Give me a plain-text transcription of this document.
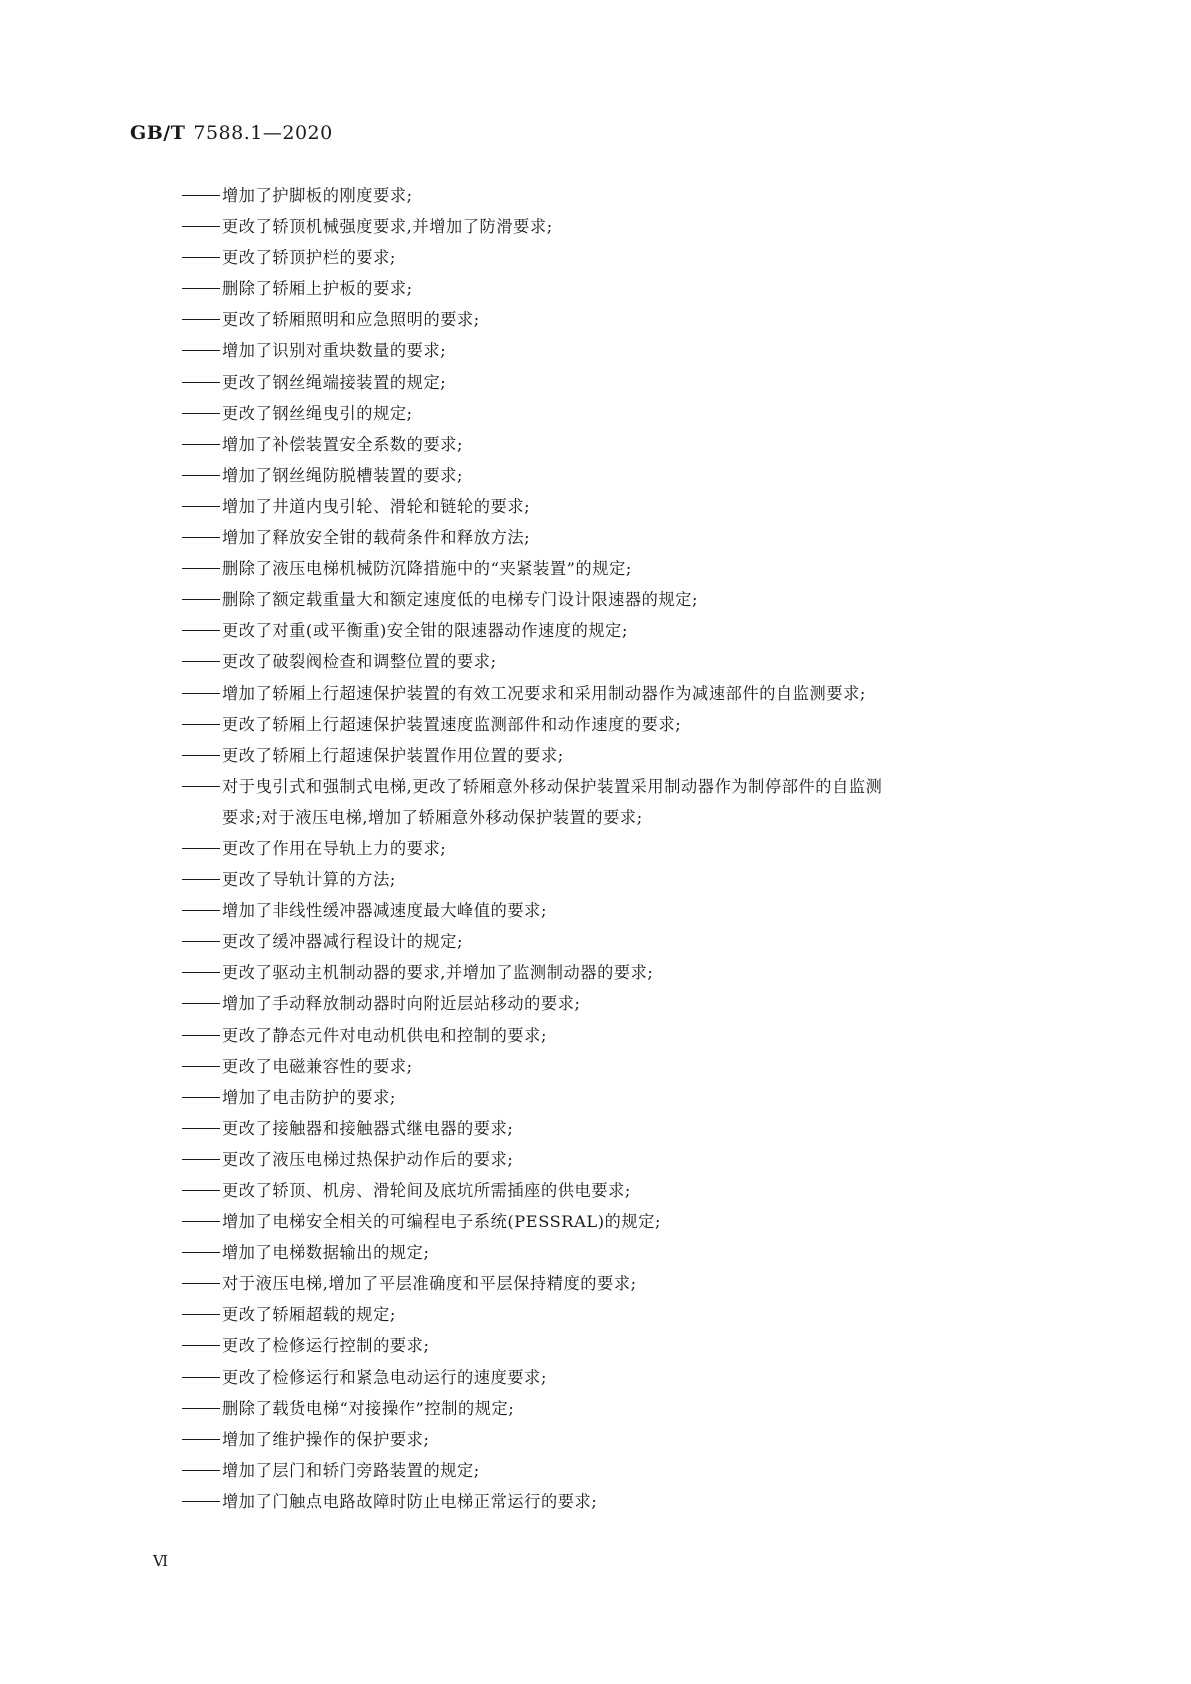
GB/T 7588.1—2020
增加了护脚板的刚度要求;
更改了轿顶机械强度要求,并增加了防滑要求;
更改了轿顶护栏的要求;
删除了轿厢上护板的要求;
更改了轿厢照明和应急照明的要求;
增加了识别对重块数量的要求;
更改了钢丝绳端接装置的规定;
更改了钢丝绳曳引的规定;
增加了补偿装置安全系数的要求;
增加了钢丝绳防脱槽装置的要求;
增加了井道内曳引轮、滑轮和链轮的要求;
增加了释放安全钳的载荷条件和释放方法;
删除了液压电梯机械防沉降措施中的“夹紧装置”的规定;
删除了额定载重量大和额定速度低的电梯专门设计限速器的规定;
更改了对重(或平衡重)安全钳的限速器动作速度的规定;
更改了破裂阀检查和调整位置的要求;
增加了轿厢上行超速保护装置的有效工况要求和采用制动器作为减速部件的自监测要求;
更改了轿厢上行超速保护装置速度监测部件和动作速度的要求;
更改了轿厢上行超速保护装置作用位置的要求;
对于曳引式和强制式电梯,更改了轿厢意外移动保护装置采用制动器作为制停部件的自监测
要求;对于液压电梯,增加了轿厢意外移动保护装置的要求;
更改了作用在导轨上力的要求;
更改了导轨计算的方法;
增加了非线性缓冲器减速度最大峰值的要求;
更改了缓冲器减行程设计的规定;
更改了驱动主机制动器的要求,并增加了监测制动器的要求;
增加了手动释放制动器时向附近层站移动的要求;
更改了静态元件对电动机供电和控制的要求;
更改了电磁兼容性的要求;
增加了电击防护的要求;
更改了接触器和接触器式继电器的要求;
更改了液压电梯过热保护动作后的要求;
更改了轿顶、机房、滑轮间及底坑所需插座的供电要求;
增加了电梯安全相关的可编程电子系统(PESSRAL)的规定;
增加了电梯数据输出的规定;
对于液压电梯,增加了平层准确度和平层保持精度的要求;
更改了轿厢超载的规定;
更改了检修运行控制的要求;
更改了检修运行和紧急电动运行的速度要求;
删除了载货电梯“对接操作”控制的规定;
增加了维护操作的保护要求;
增加了层门和轿门旁路装置的规定;
增加了门触点电路故障时防止电梯正常运行的要求;
Ⅵ
